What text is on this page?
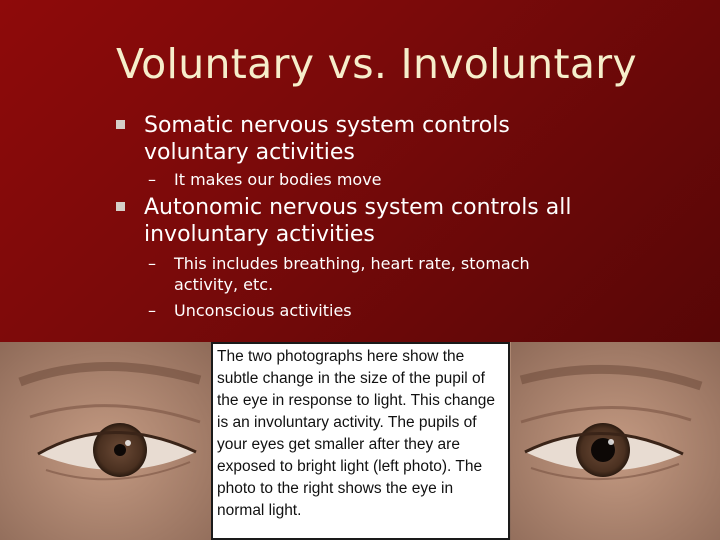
Voluntary vs. Involuntary
Somatic nervous system controls voluntary activities
– It makes our bodies move
Autonomic nervous system controls all involuntary activities
– This includes breathing, heart rate, stomach activity, etc.
– Unconscious activities
The two photographs here show the subtle change in the size of the pupil of the eye in response to light. This change is an involuntary activity. The pupils of your eyes get smaller after they are exposed to bright light (left photo). The photo to the right shows the eye in normal light.
